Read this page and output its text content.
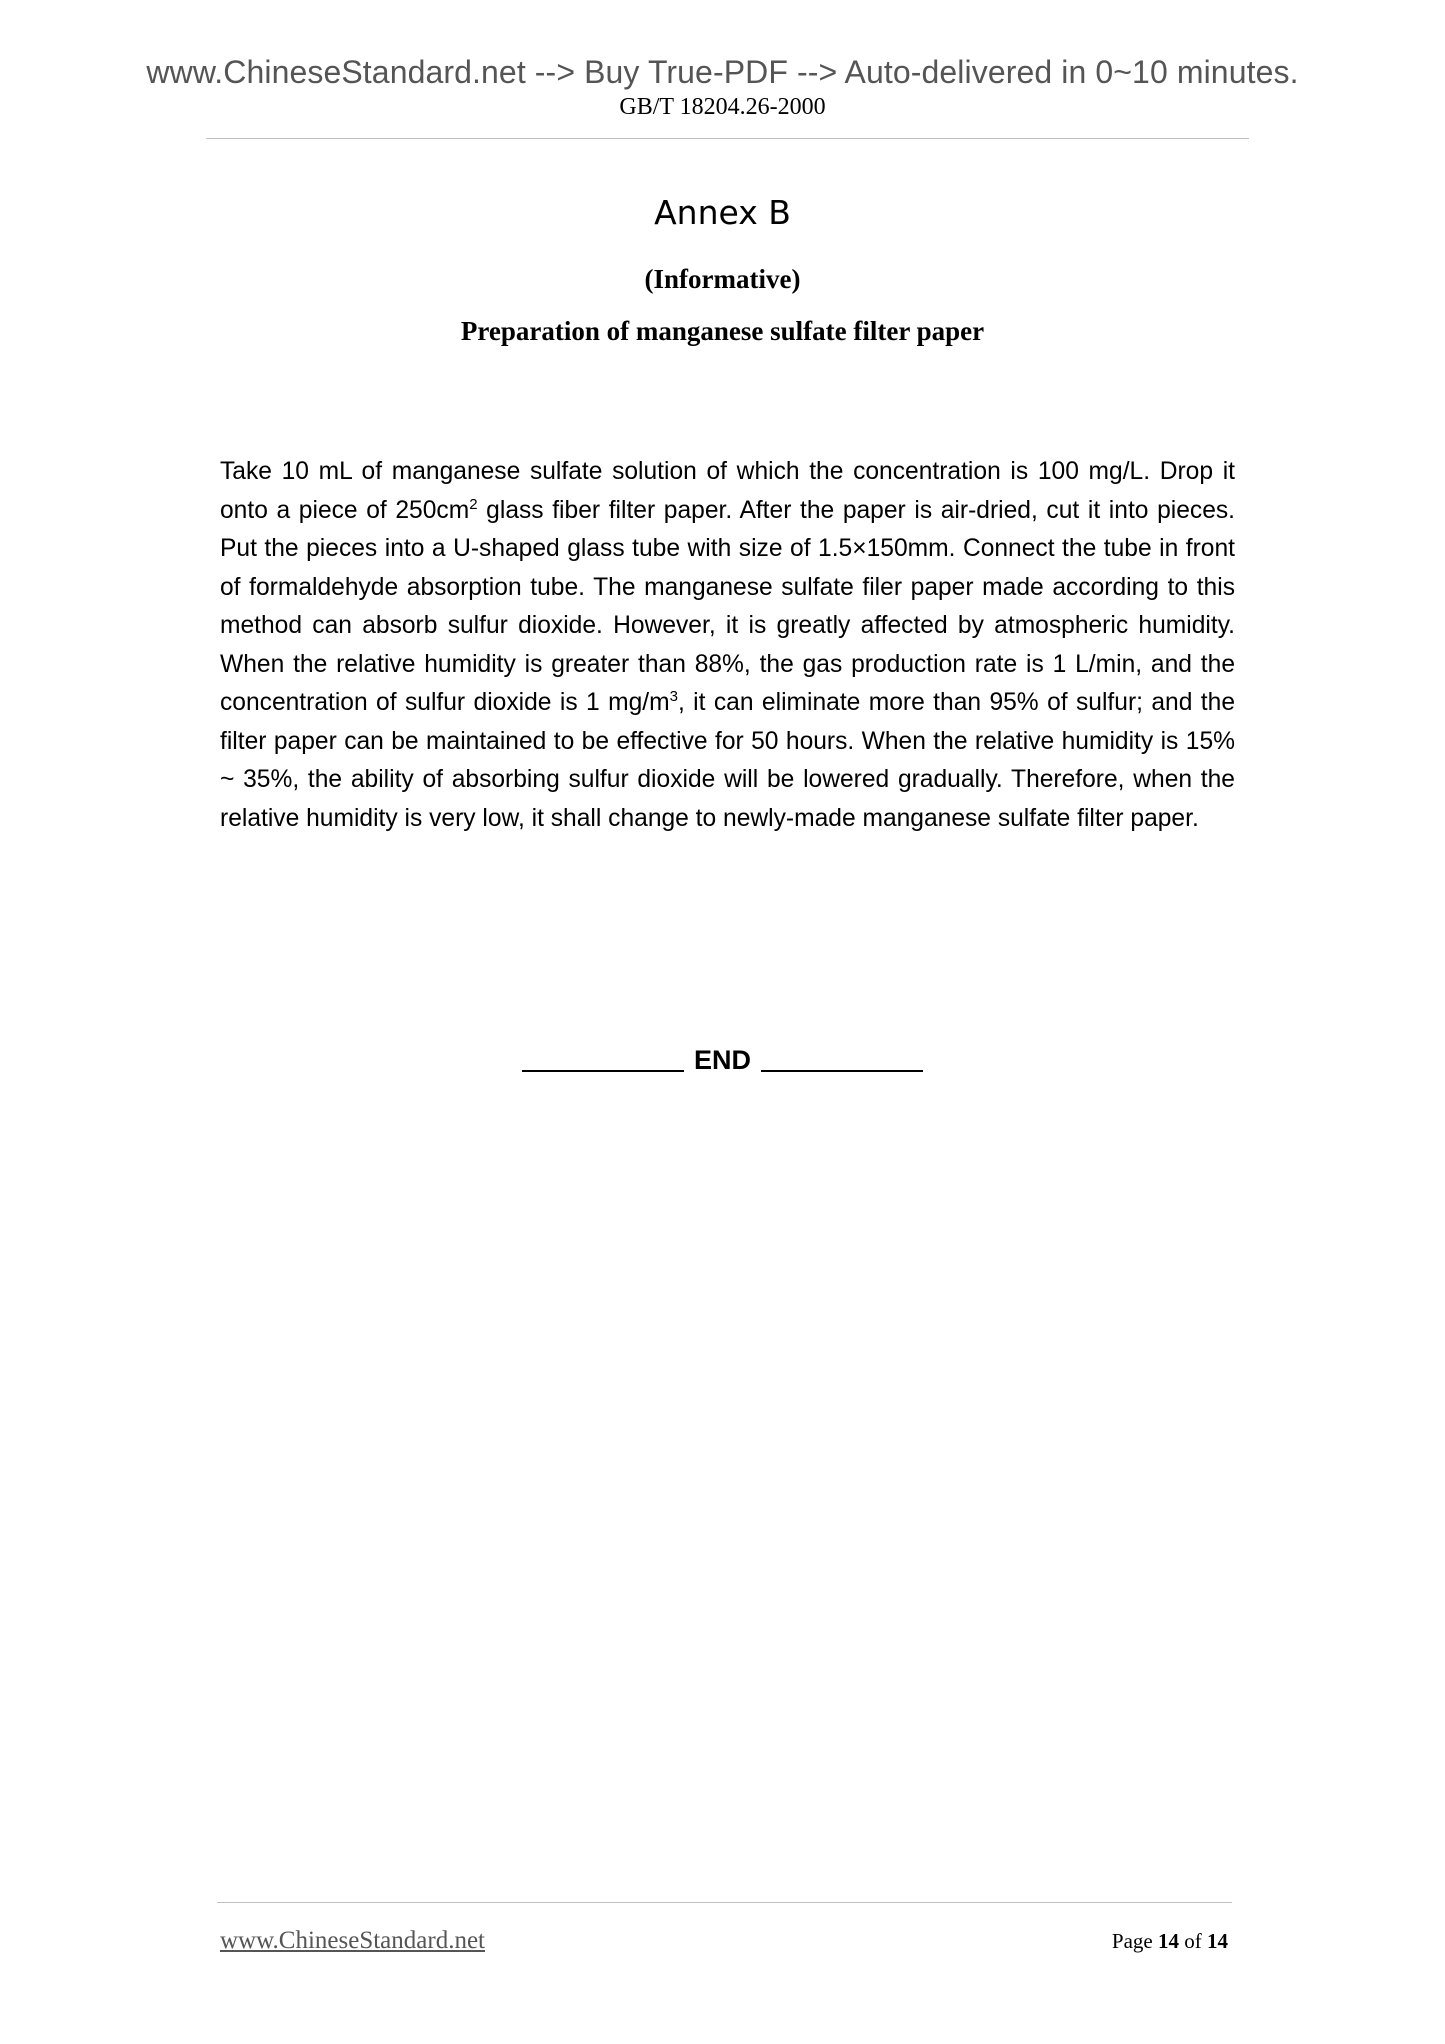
www.ChineseStandard.net --> Buy True-PDF --> Auto-delivered in 0~10 minutes.
GB/T 18204.26-2000
Annex B
(Informative)
Preparation of manganese sulfate filter paper

Take 10 mL of manganese sulfate solution of which the concentration is 100 mg/L. Drop it onto a piece of $250cm^2$ glass fiber filter paper. After the paper is air-dried, cut it into pieces. Put the pieces into a U-shaped glass tube with size of 1.5×150mm. Connect the tube in front of formaldehyde absorption tube. The manganese sulfate filer paper made according to this method can absorb sulfur dioxide. However, it is greatly affected by atmospheric humidity. When the relative humidity is greater than 88%, the gas production rate is 1 L/min, and the concentration of sulfur dioxide is 1 $mg/m^3$, it can eliminate more than 95% of sulfur; and the filter paper can be maintained to be effective for 50 hours. When the relative humidity is 15% ~ 35%, the ability of absorbing sulfur dioxide will be lowered gradually. Therefore, when the relative humidity is very low, it shall change to newly-made manganese sulfate filter paper.

END
www.ChineseStandard.net	Page 14 of 14
